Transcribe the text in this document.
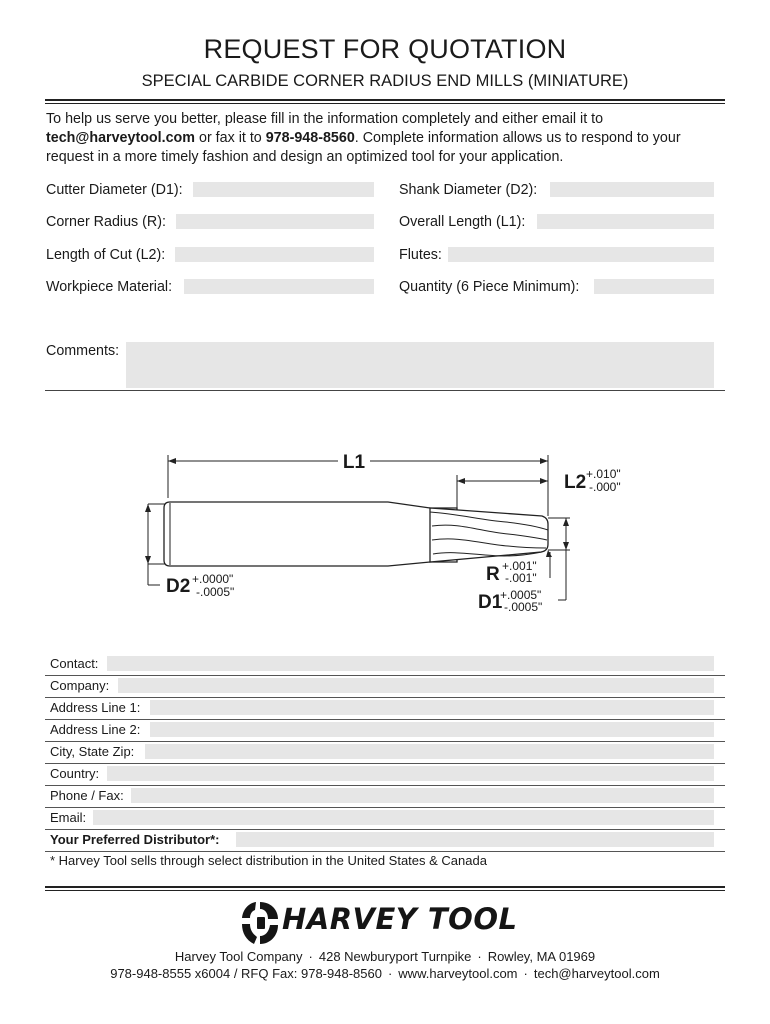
REQUEST FOR QUOTATION
SPECIAL CARBIDE CORNER RADIUS END MILLS (MINIATURE)
To help us serve you better, please fill in the information completely and either email it to
tech@harveytool.com or fax it to 978-948-8560. Complete information allows us to respond to your request in a more timely fashion and design an optimized tool for your application.
Cutter Diameter (D1):	Shank Diameter (D2):
Corner Radius (R):	Overall Length (L1):
Length of Cut (L2):	Flutes:
Workpiece Material:	Quantity (6 Piece Minimum):
Comments:
L1
L2 +.010"
-.000"
D2 +.0000"
-.0005"
R +.001"
-.001"
D1
+.0005"
-.0005"
Contact:
Company:
Address Line 1:
Address Line 2:
City, State Zip:
Country:
Phone / Fax:
Email:
Your Preferred Distributor*:
* Harvey Tool sells through select distribution in the United States & Canada
HARVEY TOOL
Harvey Tool Company · 428 Newburyport Turnpike · Rowley, MA 01969
978-948-8555 x6004 / RFQ Fax: 978-948-8560 · www.harveytool.com · tech@harveytool.com
